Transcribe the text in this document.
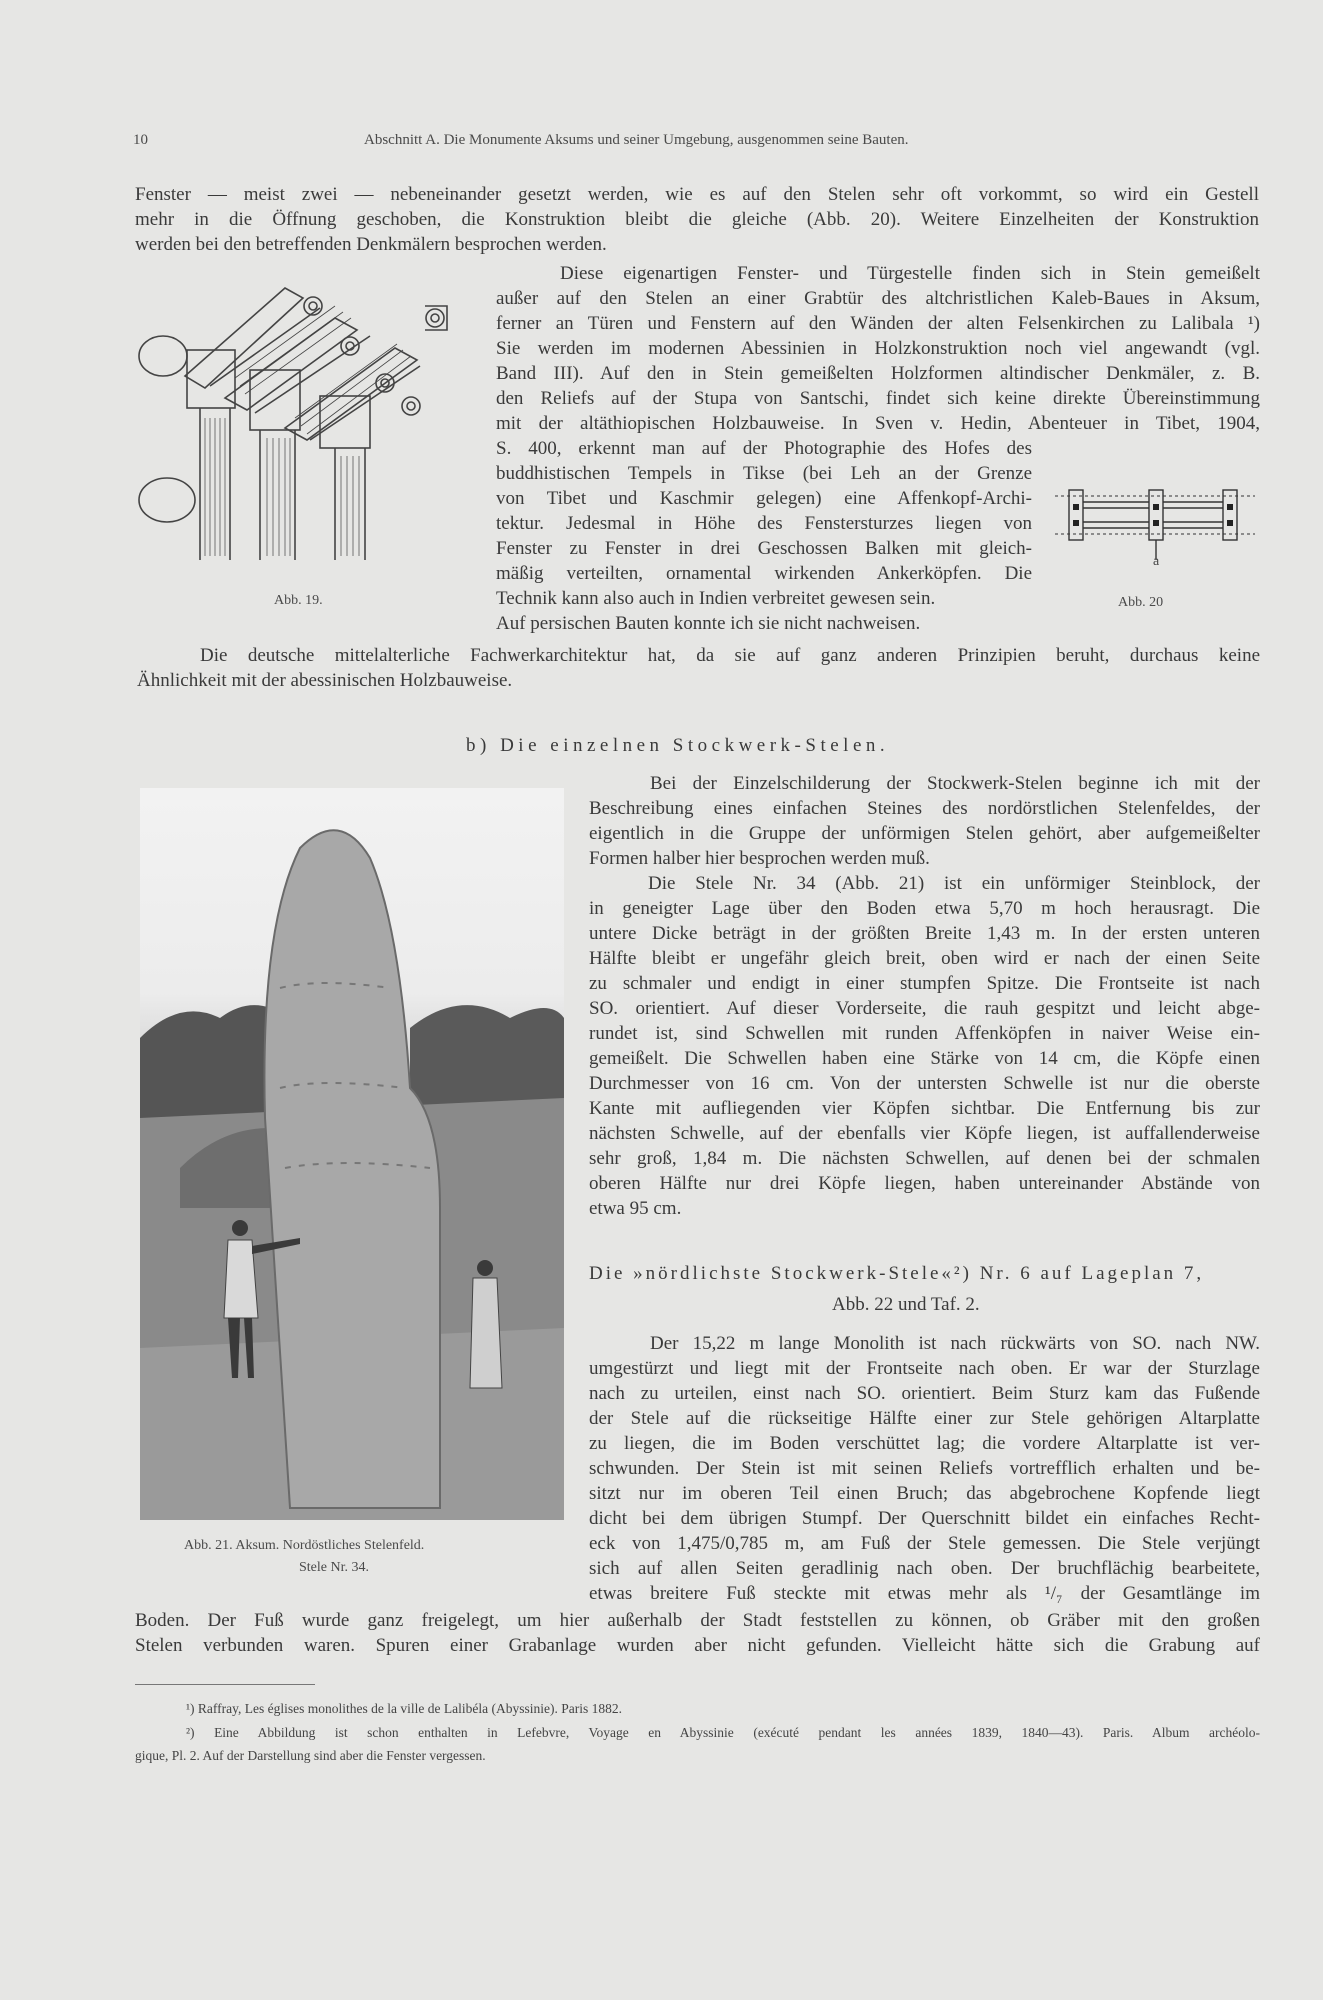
10	Abschnitt A. Die Monumente Aksums und seiner Umgebung, ausgenommen seine Bauten.
Fenster — meist zwei — nebeneinander gesetzt werden, wie es auf den Stelen sehr oft vorkommt, so wird ein Gestell
mehr in die Öffnung geschoben, die Konstruktion bleibt die gleiche (Abb. 20). Weitere Einzelheiten der Konstruktion
werden bei den betreffenden Denkmälern besprochen werden.
Abb. 19.
Diese eigenartigen Fenster- und Türgestelle finden sich in Stein gemeißelt
außer auf den Stelen an einer Grabtür des altchristlichen Kaleb-Baues in Aksum,
ferner an Türen und Fenstern auf den Wänden der alten Felsenkirchen zu Lalibala ¹)
Sie werden im modernen Abessinien in Holzkonstruktion noch viel angewandt (vgl.
Band III). Auf den in Stein gemeißelten Holzformen altindischer Denkmäler, z. B.
den Reliefs auf der Stupa von Santschi, findet sich keine direkte Übereinstimmung
mit der altäthiopischen Holzbauweise. In Sven v. Hedin, Abenteuer in Tibet, 1904,
S. 400, erkennt man auf der Photographie des Hofes des
buddhistischen Tempels in Tikse (bei Leh an der Grenze
von Tibet und Kaschmir gelegen) eine Affenkopf-Archi-
tektur. Jedesmal in Höhe des Fenstersturzes liegen von
Fenster zu Fenster in drei Geschossen Balken mit gleich-
mäßig verteilten, ornamental wirkenden Ankerköpfen. Die
Technik kann also auch in Indien verbreitet gewesen sein.
Auf persischen Bauten konnte ich sie nicht nachweisen.
a
Abb. 20
Die deutsche mittelalterliche Fachwerkarchitektur hat, da sie auf ganz anderen Prinzipien beruht, durchaus keine
Ähnlichkeit mit der abessinischen Holzbauweise.
b) Die einzelnen Stockwerk-Stelen.
Abb. 21. Aksum. Nordöstliches Stelenfeld.
Stele Nr. 34.
Bei der Einzelschilderung der Stockwerk-Stelen beginne ich mit der
Beschreibung eines einfachen Steines des nordörstlichen Stelenfeldes, der
eigentlich in die Gruppe der unförmigen Stelen gehört, aber aufgemeißelter
Formen halber hier besprochen werden muß.
Die Stele Nr. 34 (Abb. 21) ist ein unförmiger Steinblock, der
in geneigter Lage über den Boden etwa 5,70 m hoch herausragt. Die
untere Dicke beträgt in der größten Breite 1,43 m. In der ersten unteren
Hälfte bleibt er ungefähr gleich breit, oben wird er nach der einen Seite
zu schmaler und endigt in einer stumpfen Spitze. Die Frontseite ist nach
SO. orientiert. Auf dieser Vorderseite, die rauh gespitzt und leicht abge-
rundet ist, sind Schwellen mit runden Affenköpfen in naiver Weise ein-
gemeißelt. Die Schwellen haben eine Stärke von 14 cm, die Köpfe einen
Durchmesser von 16 cm. Von der untersten Schwelle ist nur die oberste
Kante mit aufliegenden vier Köpfen sichtbar. Die Entfernung bis zur
nächsten Schwelle, auf der ebenfalls vier Köpfe liegen, ist auffallenderweise
sehr groß, 1,84 m. Die nächsten Schwellen, auf denen bei der schmalen
oberen Hälfte nur drei Köpfe liegen, haben untereinander Abstände von
etwa 95 cm.
Die »nördlichste Stockwerk-Stele«²) Nr. 6 auf Lageplan 7,
Abb. 22 und Taf. 2.
Der 15,22 m lange Monolith ist nach rückwärts von SO. nach NW.
umgestürzt und liegt mit der Frontseite nach oben. Er war der Sturzlage
nach zu urteilen, einst nach SO. orientiert. Beim Sturz kam das Fußende
der Stele auf die rückseitige Hälfte einer zur Stele gehörigen Altarplatte
zu liegen, die im Boden verschüttet lag; die vordere Altarplatte ist ver-
schwunden. Der Stein ist mit seinen Reliefs vortrefflich erhalten und be-
sitzt nur im oberen Teil einen Bruch; das abgebrochene Kopfende liegt
dicht bei dem übrigen Stumpf. Der Querschnitt bildet ein einfaches Recht-
eck von 1,475/0,785 m, am Fuß der Stele gemessen. Die Stele verjüngt
sich auf allen Seiten geradlinig nach oben. Der bruchflächig bearbeitete,
etwas breitere Fuß steckte mit etwas mehr als ¹/₇ der Gesamtlänge im
Boden. Der Fuß wurde ganz freigelegt, um hier außerhalb der Stadt feststellen zu können, ob Gräber mit den großen
Stelen verbunden waren. Spuren einer Grabanlage wurden aber nicht gefunden. Vielleicht hätte sich die Grabung auf
¹) Raffray, Les églises monolithes de la ville de Lalibéla (Abyssinie). Paris 1882.
²) Eine Abbildung ist schon enthalten in Lefebvre, Voyage en Abyssinie (exécuté pendant les années 1839, 1840—43). Paris. Album archéolo-
gique, Pl. 2. Auf der Darstellung sind aber die Fenster vergessen.
